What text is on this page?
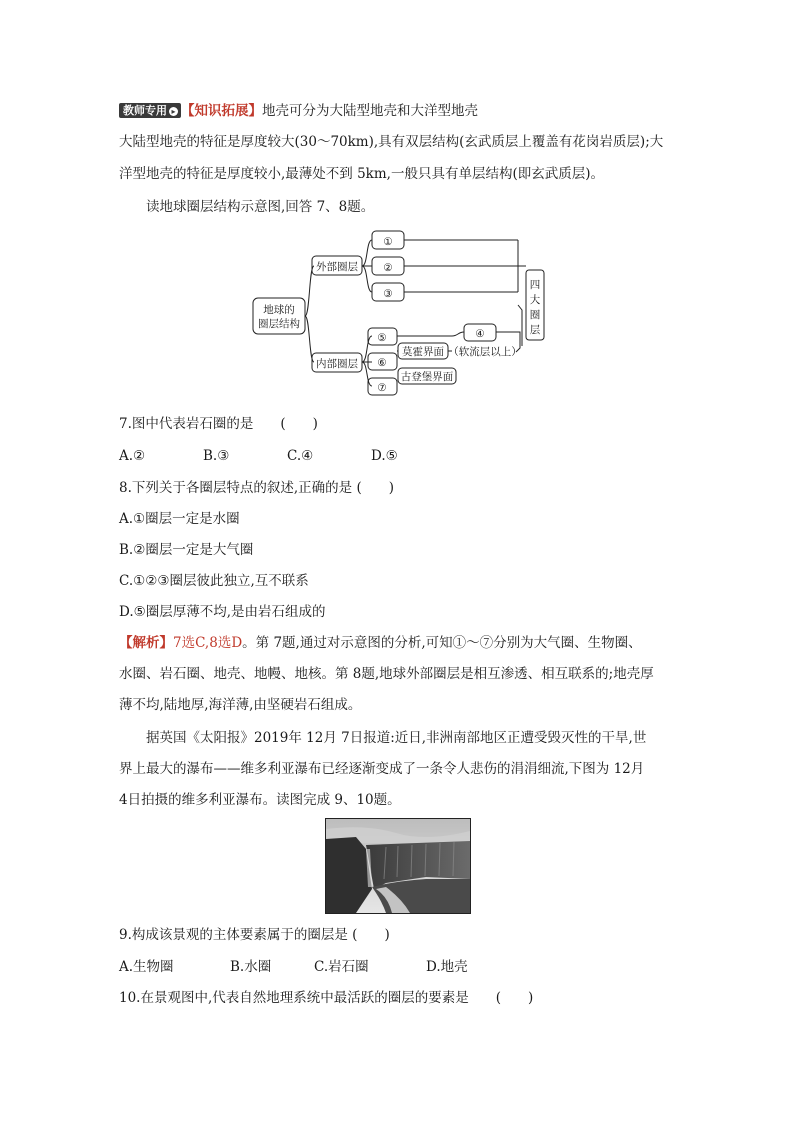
教师专用 ▸ 【知识拓展】地壳可分为大陆型地壳和大洋型地壳
大陆型地壳的特征是厚度较大(30～70km),具有双层结构(玄武质层上覆盖有花岗岩质层);大
洋型地壳的特征是厚度较小,最薄处不到 5km,一般只具有单层结构(即玄武质层)。
读地球圈层结构示意图,回答 7、8题。
地球的
圈层结构
外部圈层
内部圈层
①
②
③
④
⑤
⑥
⑦
莫霍界面
古登堡界面
（软流层以上）
四
大
圈
层
7.图中代表岩石圈的是　　(　　)
A.②	B.③	C.④	D.⑤
8.下列关于各圈层特点的叙述,正确的是 (　　)
A.①圈层一定是水圈
B.②圈层一定是大气圈
C.①②③圈层彼此独立,互不联系
D.⑤圈层厚薄不均,是由岩石组成的
【解析】7选C,8选D。第 7题,通过对示意图的分析,可知①～⑦分别为大气圈、生物圈、
水圈、岩石圈、地壳、地幔、地核。第 8题,地球外部圈层是相互渗透、相互联系的;地壳厚
薄不均,陆地厚,海洋薄,由坚硬岩石组成。
据英国《太阳报》2019年 12月 7日报道:近日,非洲南部地区正遭受毁灭性的干旱,世
界上最大的瀑布——维多利亚瀑布已经逐渐变成了一条令人悲伤的涓涓细流,下图为 12月
4日拍摄的维多利亚瀑布。读图完成 9、10题。
9.构成该景观的主体要素属于的圈层是 (　　)
A.生物圈	B.水圈	C.岩石圈	D.地壳
10.在景观图中,代表自然地理系统中最活跃的圈层的要素是　　(　　)
